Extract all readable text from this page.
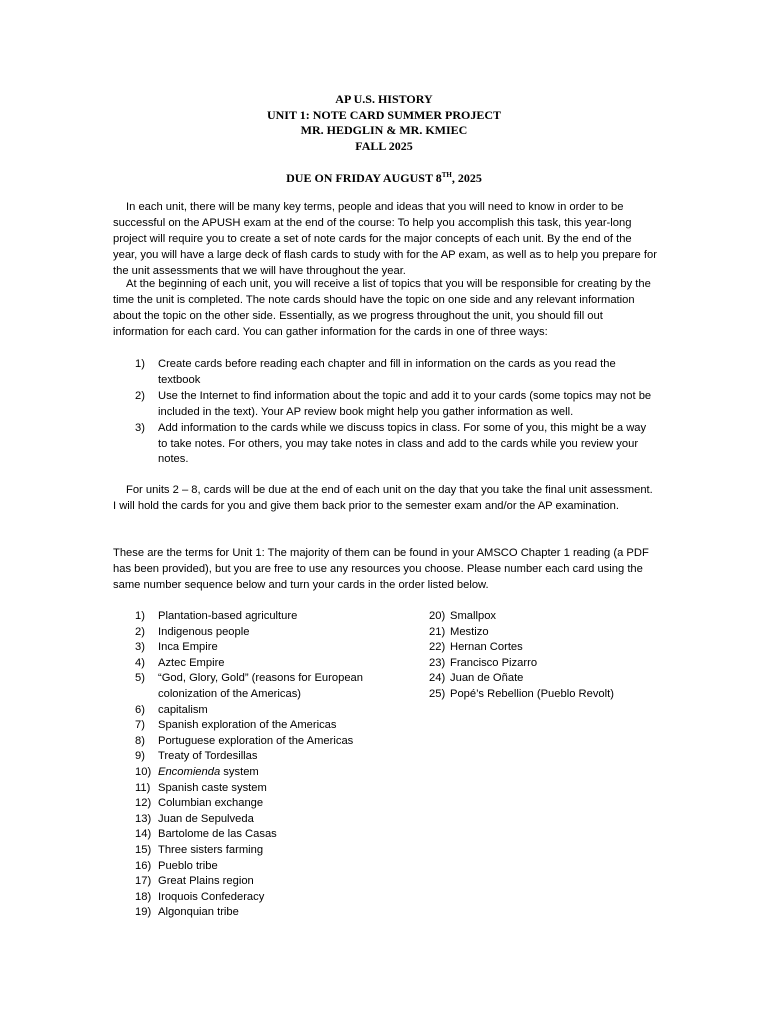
AP U.S. HISTORY
UNIT 1: NOTE CARD SUMMER PROJECT
MR. HEDGLIN & MR. KMIEC
FALL 2025
DUE ON FRIDAY AUGUST 8TH, 2025

In each unit, there will be many key terms, people and ideas that you will need to know in order to be successful on the APUSH exam at the end of the course: To help you accomplish this task, this year-long project will require you to create a set of note cards for the major concepts of each unit. By the end of the year, you will have a large deck of flash cards to study with for the AP exam, as well as to help you prepare for the unit assessments that we will have throughout the year.

At the beginning of each unit, you will receive a list of topics that you will be responsible for creating by the time the unit is completed. The note cards should have the topic on one side and any relevant information about the topic on the other side. Essentially, as we progress throughout the unit, you should fill out information for each card. You can gather information for the cards in one of three ways:

1) Create cards before reading each chapter and fill in information on the cards as you read the textbook
2) Use the Internet to find information about the topic and add it to your cards (some topics may not be included in the text). Your AP review book might help you gather information as well.
3) Add information to the cards while we discuss topics in class. For some of you, this might be a way to take notes. For others, you may take notes in class and add to the cards while you review your notes.

For units 2 – 8, cards will be due at the end of each unit on the day that you take the final unit assessment. I will hold the cards for you and give them back prior to the semester exam and/or the AP examination.

These are the terms for Unit 1: The majority of them can be found in your AMSCO Chapter 1 reading (a PDF has been provided), but you are free to use any resources you choose. Please number each card using the same number sequence below and turn your cards in the order listed below.

1) Plantation-based agriculture
2) Indigenous people
3) Inca Empire
4) Aztec Empire
5) “God, Glory, Gold” (reasons for European colonization of the Americas)
6) capitalism
7) Spanish exploration of the Americas
8) Portuguese exploration of the Americas
9) Treaty of Tordesillas
10) Encomienda system
11) Spanish caste system
12) Columbian exchange
13) Juan de Sepulveda
14) Bartolome de las Casas
15) Three sisters farming
16) Pueblo tribe
17) Great Plains region
18) Iroquois Confederacy
19) Algonquian tribe
20) Smallpox
21) Mestizo
22) Hernan Cortes
23) Francisco Pizarro
24) Juan de Oñate
25) Popé’s Rebellion (Pueblo Revolt)
